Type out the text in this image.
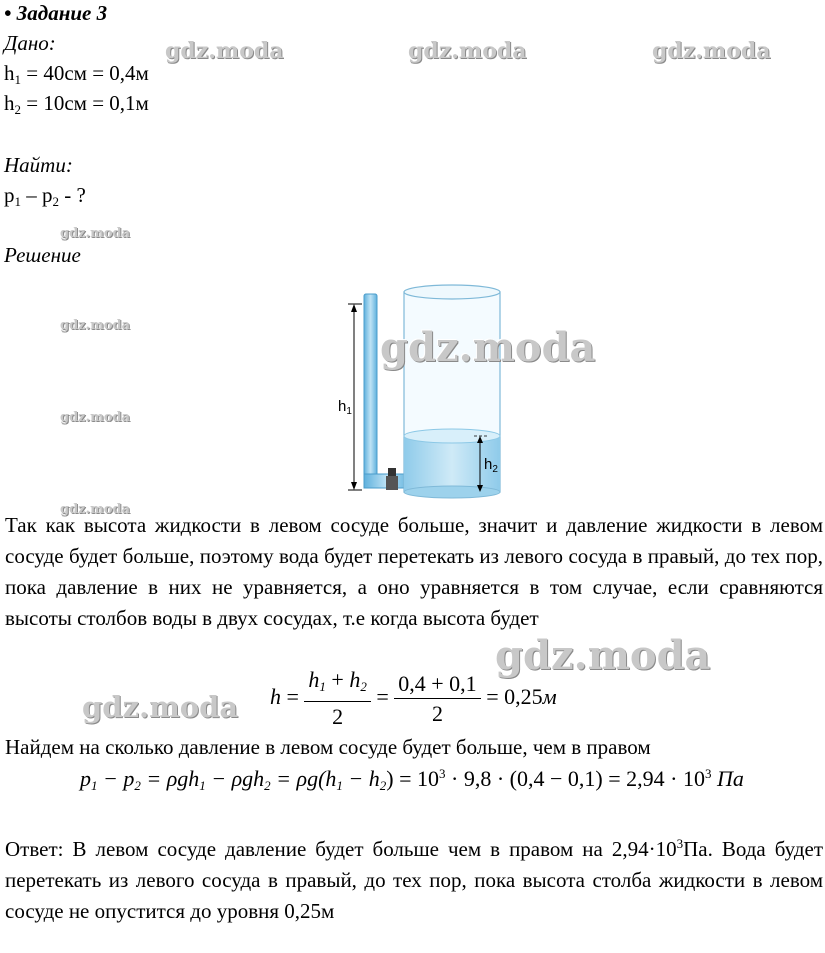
• Задание 3
Дано:
$h_1 = 40см = 0,4м$
$h_2 = 10см = 0,1м$
Найти:
$p_1 - p_2$ - ?
Решение
$h_1$
$h_2$
Так как высота жидкости в левом сосуде больше, значит и давление жидкости в левом сосуде будет больше, поэтому вода будет перетекать из левого сосуда в правый, до тех пор, пока давление в них не уравняется, а оно уравняется в том случае, если сравняются высоты столбов воды в двух сосудах, т.е когда высота будет
$h = \frac{h_1 + h_2}{2} = \frac{0,4 + 0,1}{2} = 0,25м$
Найдем на сколько давление в левом сосуде будет больше, чем в правом
$p_1 - p_2 = \rho gh_1 - \rho gh_2 = \rho g(h_1 - h_2) = 10^3 \cdot 9,8 \cdot (0,4 - 0,1) = 2,94 \cdot 10^3$ Па
Ответ: В левом сосуде давление будет больше чем в правом на $2,94\cdot 10^3Па$. Вода будет перетекать из левого сосуда в правый, до тех пор, пока высота столба жидкости в левом сосуде не опустится до уровня 0,25м
gdz.moda	gdz.moda	gdz.moda
gdz.moda
gdz.moda
gdz.moda
gdz.moda
gdz.moda
gdz.moda
gdz.moda
